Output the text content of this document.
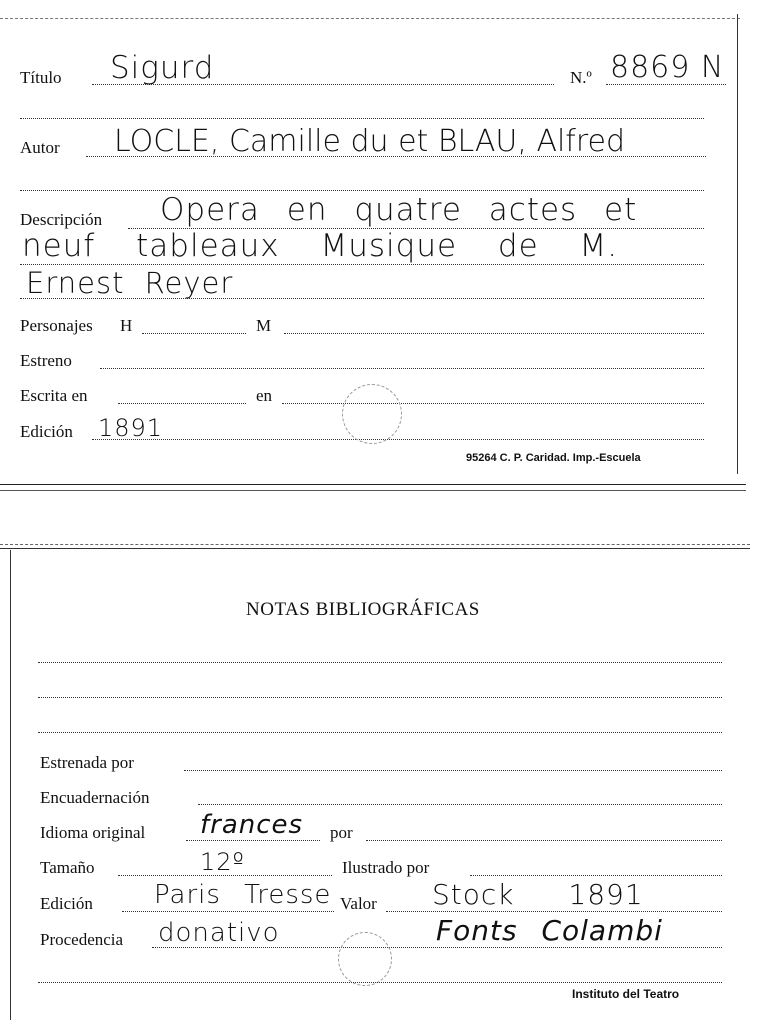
Título Sigurd	N.º 8869 N
Autor LOCLE, Camille du et BLAU, Alfred
Descripción Opera en quatre actes et
neuf tableaux Musique de M.
Ernest Reyer
Personajes H	M
Estreno
Escrita en	en
Edición 1891
95264 C. P. Caridad. Imp.-Escuela
NOTAS BIBLIOGRÁFICAS
Estrenada por
Encuadernación
Idioma original frances por
Tamaño	12º	Ilustrado por
Edición Paris Tresse Valor Stock 1891
Procedencia donativo	Fonts Colambi
Instituto del Teatro
